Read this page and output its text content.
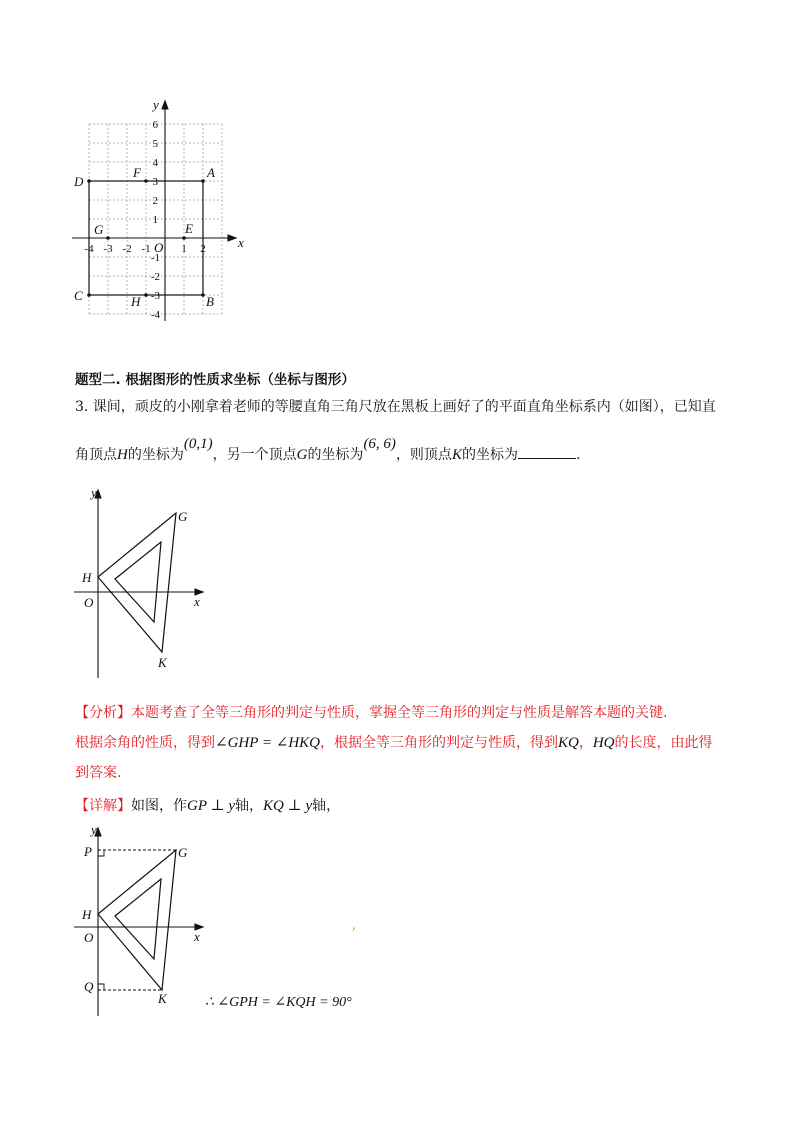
-4 -3 -2 -1	1 2
6
5
4
3
2
1
-1
-2
-3
-4
x
y
O
A
B
C
D
E
F
G
H
题型二. 根据图形的性质求坐标（坐标与图形）
3. 课间，顽皮的小刚拿着老师的等腰直角三角尺放在黑板上画好了的平面直角坐标系内（如图），已知直
角顶点H的坐标为(0,1)，另一个顶点G的坐标为(6, 6)，则顶点K的坐标为	.
y
x
O
H
G
K
【分析】本题考查了全等三角形的判定与性质，掌握全等三角形的判定与性质是解答本题的关键.
根据余角的性质，得到∠GHP = ∠HKQ，根据全等三角形的判定与性质，得到KQ，HQ的长度，由此得
到答案.
【详解】如图，作GP ⊥ y轴，KQ ⊥ y轴，
y
x
O
H
G
K
P
Q
,
∴ ∠GPH = ∠KQH = 90°
